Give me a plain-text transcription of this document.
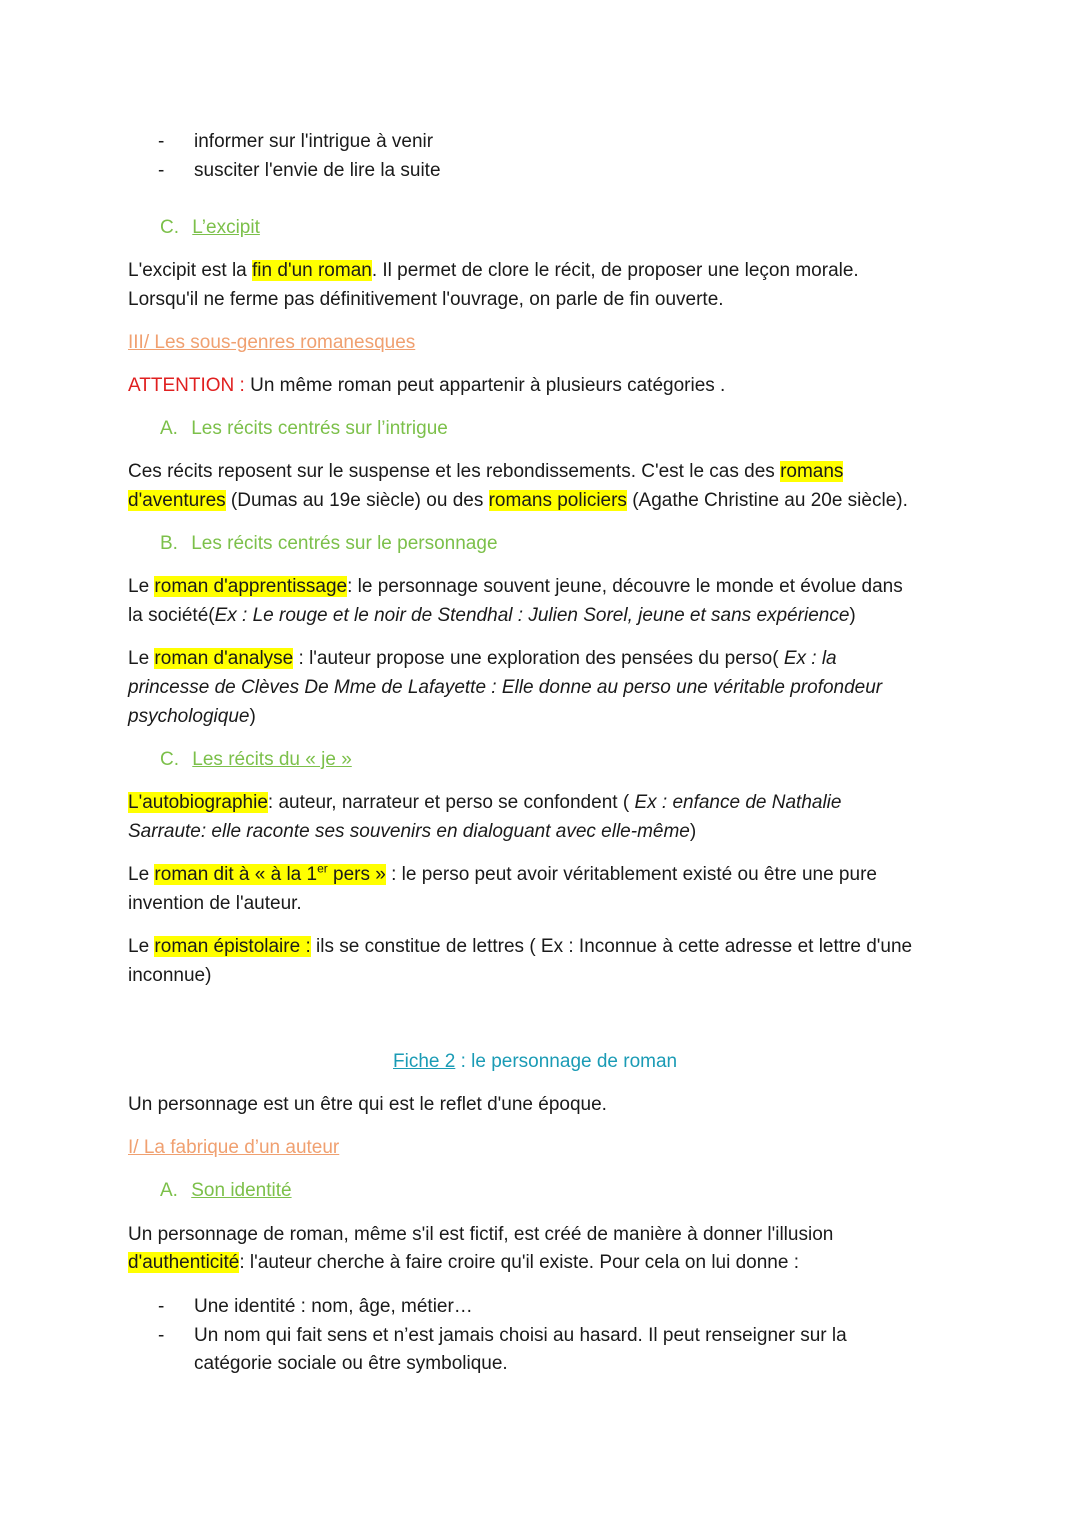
- informer sur l'intrigue à venir
- susciter l'envie de lire la suite
C. L’excipit
L'excipit est la fin d'un roman. Il permet de clore le récit, de proposer une leçon morale.
Lorsqu'il ne ferme pas définitivement l'ouvrage, on parle de fin ouverte.
III/ Les sous-genres romanesques
ATTENTION : Un même roman peut appartenir à plusieurs catégories .
A. Les récits centrés sur l’intrigue
Ces récits reposent sur le suspense et les rebondissements. C'est le cas des romans
d'aventures (Dumas au 19e siècle) ou des romans policiers (Agathe Christine au 20e siècle).
B. Les récits centrés sur le personnage
Le roman d'apprentissage: le personnage souvent jeune, découvre le monde et évolue dans
la société(Ex : Le rouge et le noir de Stendhal : Julien Sorel, jeune et sans expérience)
Le roman d'analyse : l'auteur propose une exploration des pensées du perso( Ex : la
princesse de Clèves De Mme de Lafayette : Elle donne au perso une véritable profondeur
psychologique)
C. Les récits du « je »
L'autobiographie: auteur, narrateur et perso se confondent ( Ex : enfance de Nathalie
Sarraute: elle raconte ses souvenirs en dialoguant avec elle-même)
Le roman dit à « à la 1er pers » : le perso peut avoir véritablement existé ou être une pure
invention de l'auteur.
Le roman épistolaire : ils se constitue de lettres ( Ex : Inconnue à cette adresse et lettre d'une
inconnue)
Fiche 2 : le personnage de roman
Un personnage est un être qui est le reflet d'une époque.
I/ La fabrique d’un auteur
A. Son identité
Un personnage de roman, même s'il est fictif, est créé de manière à donner l'illusion
d'authenticité: l'auteur cherche à faire croire qu'il existe. Pour cela on lui donne :
- Une identité : nom, âge, métier…
- Un nom qui fait sens et n’est jamais choisi au hasard. Il peut renseigner sur la
catégorie sociale ou être symbolique.
